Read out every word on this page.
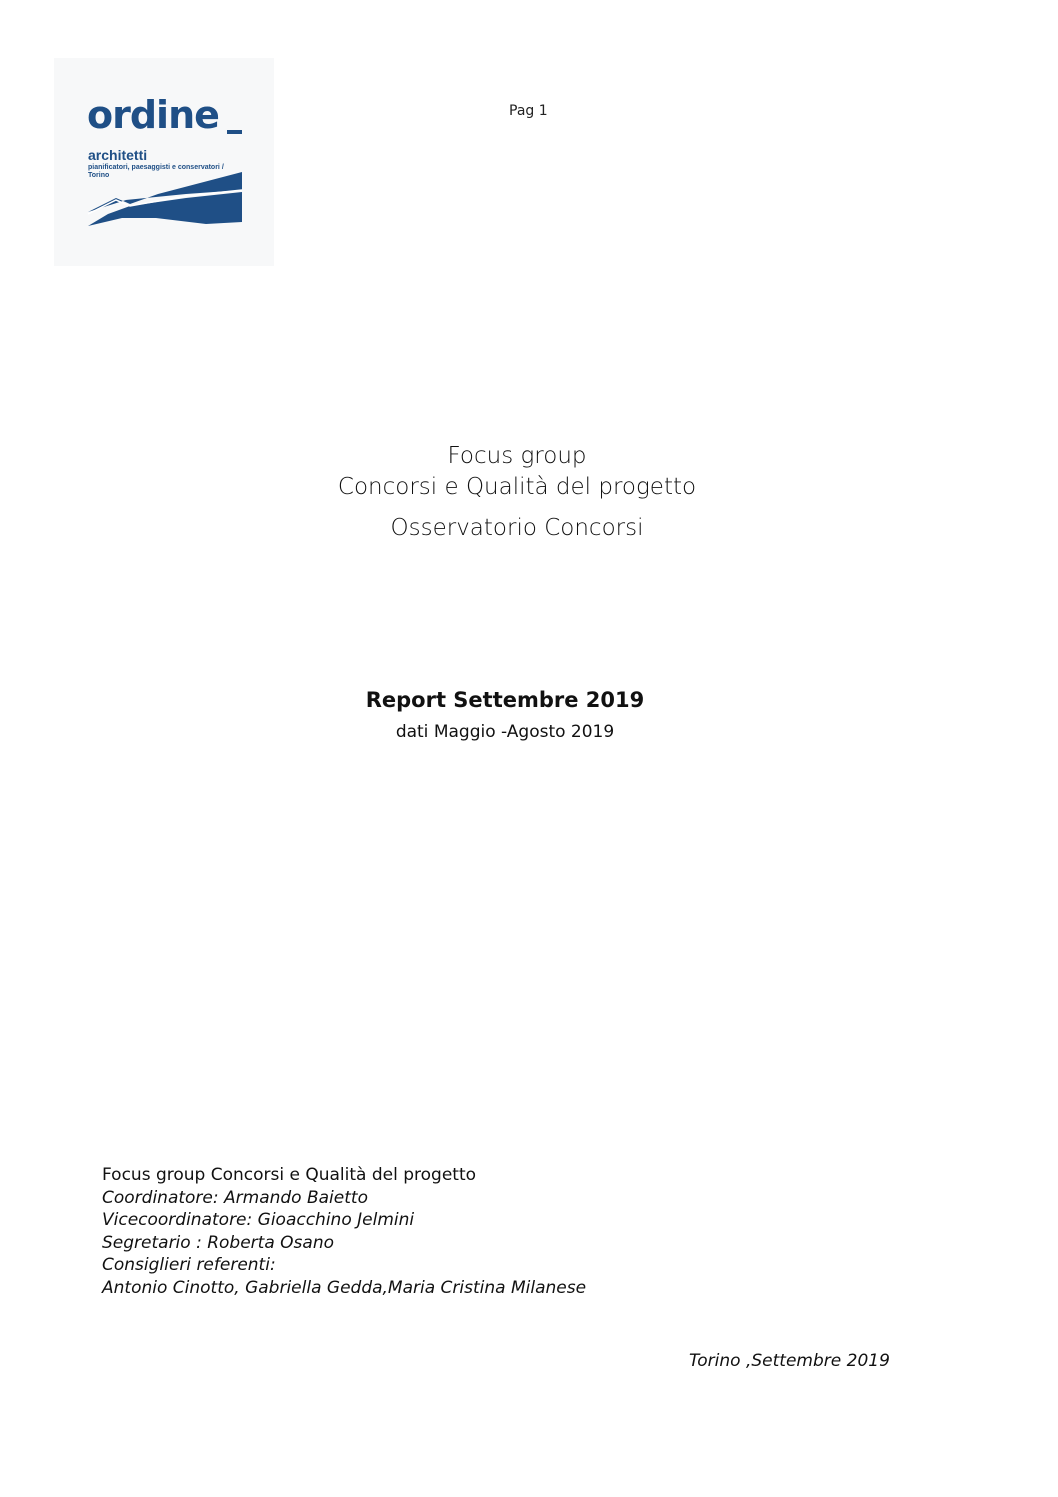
ordine
architetti
pianificatori, paesaggisti e conservatori / Torino
Pag 1
Focus group
Concorsi e Qualità del progetto
Osservatorio Concorsi
Report Settembre 2019
dati Maggio -Agosto 2019
Focus group Concorsi e Qualità del progetto
Coordinatore: Armando Baietto
Vicecoordinatore: Gioacchino Jelmini
Segretario : Roberta Osano
Consiglieri referenti:
Antonio Cinotto, Gabriella Gedda,Maria Cristina Milanese
Torino ,Settembre 2019
